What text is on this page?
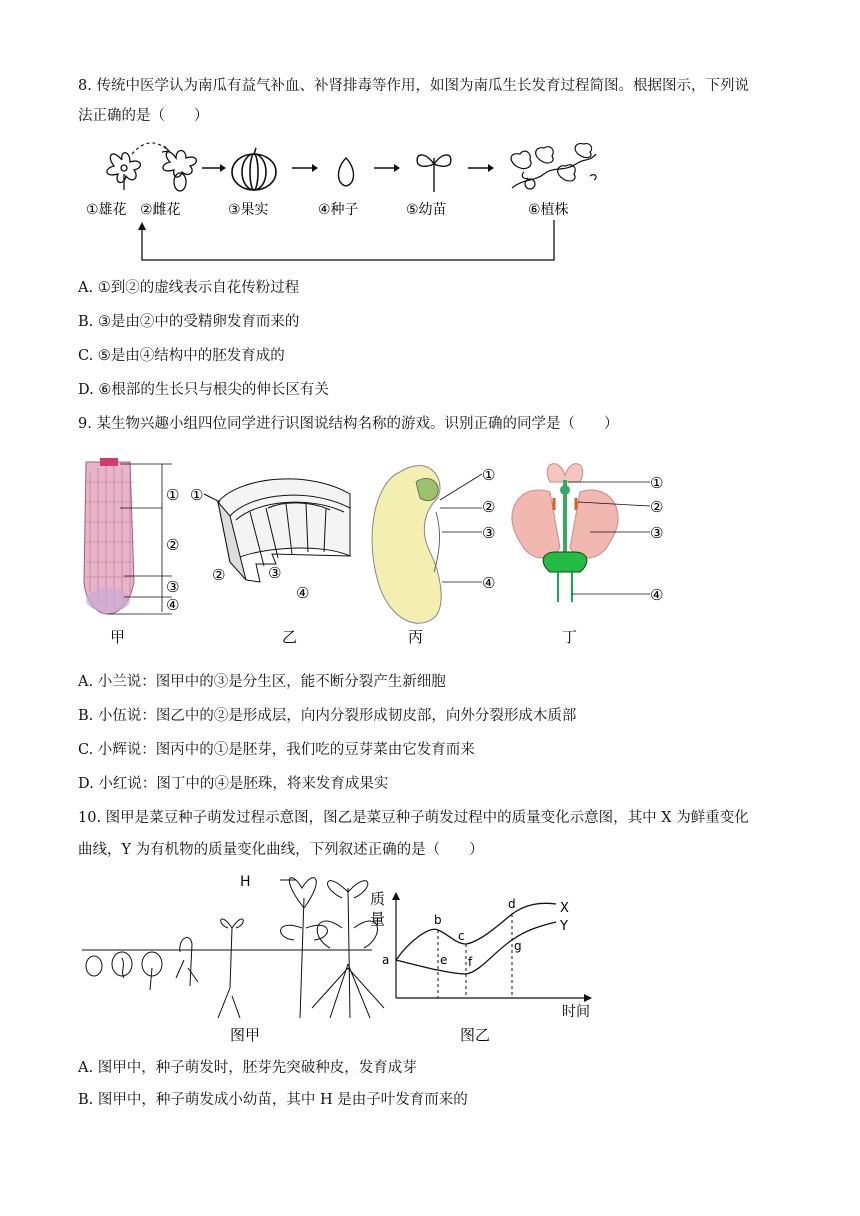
8. 传统中医学认为南瓜有益气补血、补肾排毒等作用，如图为南瓜生长发育过程简图。根据图示，下列说
法正确的是（　　）
①雄花 ②雌花	③果实	④种子	⑤幼苗	⑥植株
A. ①到②的虚线表示自花传粉过程
B. ③是由②中的受精卵发育而来的
C. ⑤是由④结构中的胚发育成的
D. ⑥根部的生长只与根尖的伸长区有关
9. 某生物兴趣小组四位同学进行识图说结构名称的游戏。识别正确的同学是（　　）
①
②
③
④
甲
①
②	③
④
乙
①
②
③
④
丙
①
②
③
④
丁
A. 小兰说：图甲中的③是分生区，能不断分裂产生新细胞
B. 小伍说：图乙中的②是形成层，向内分裂形成韧皮部，向外分裂形成木质部
C. 小辉说：图丙中的①是胚芽，我们吃的豆芽菜由它发育而来
D. 小红说：图丁中的④是胚珠，将来发育成果实
10. 图甲是菜豆种子萌发过程示意图，图乙是菜豆种子萌发过程中的质量变化示意图，其中 X 为鲜重变化
曲线，Y 为有机物的质量变化曲线，下列叙述正确的是（　　）
H
图甲
质
量
时间
X
Y
a
b
c
d
e f
g
图乙
A. 图甲中，种子萌发时，胚芽先突破种皮，发育成芽
B. 图甲中，种子萌发成小幼苗，其中 H 是由子叶发育而来的
